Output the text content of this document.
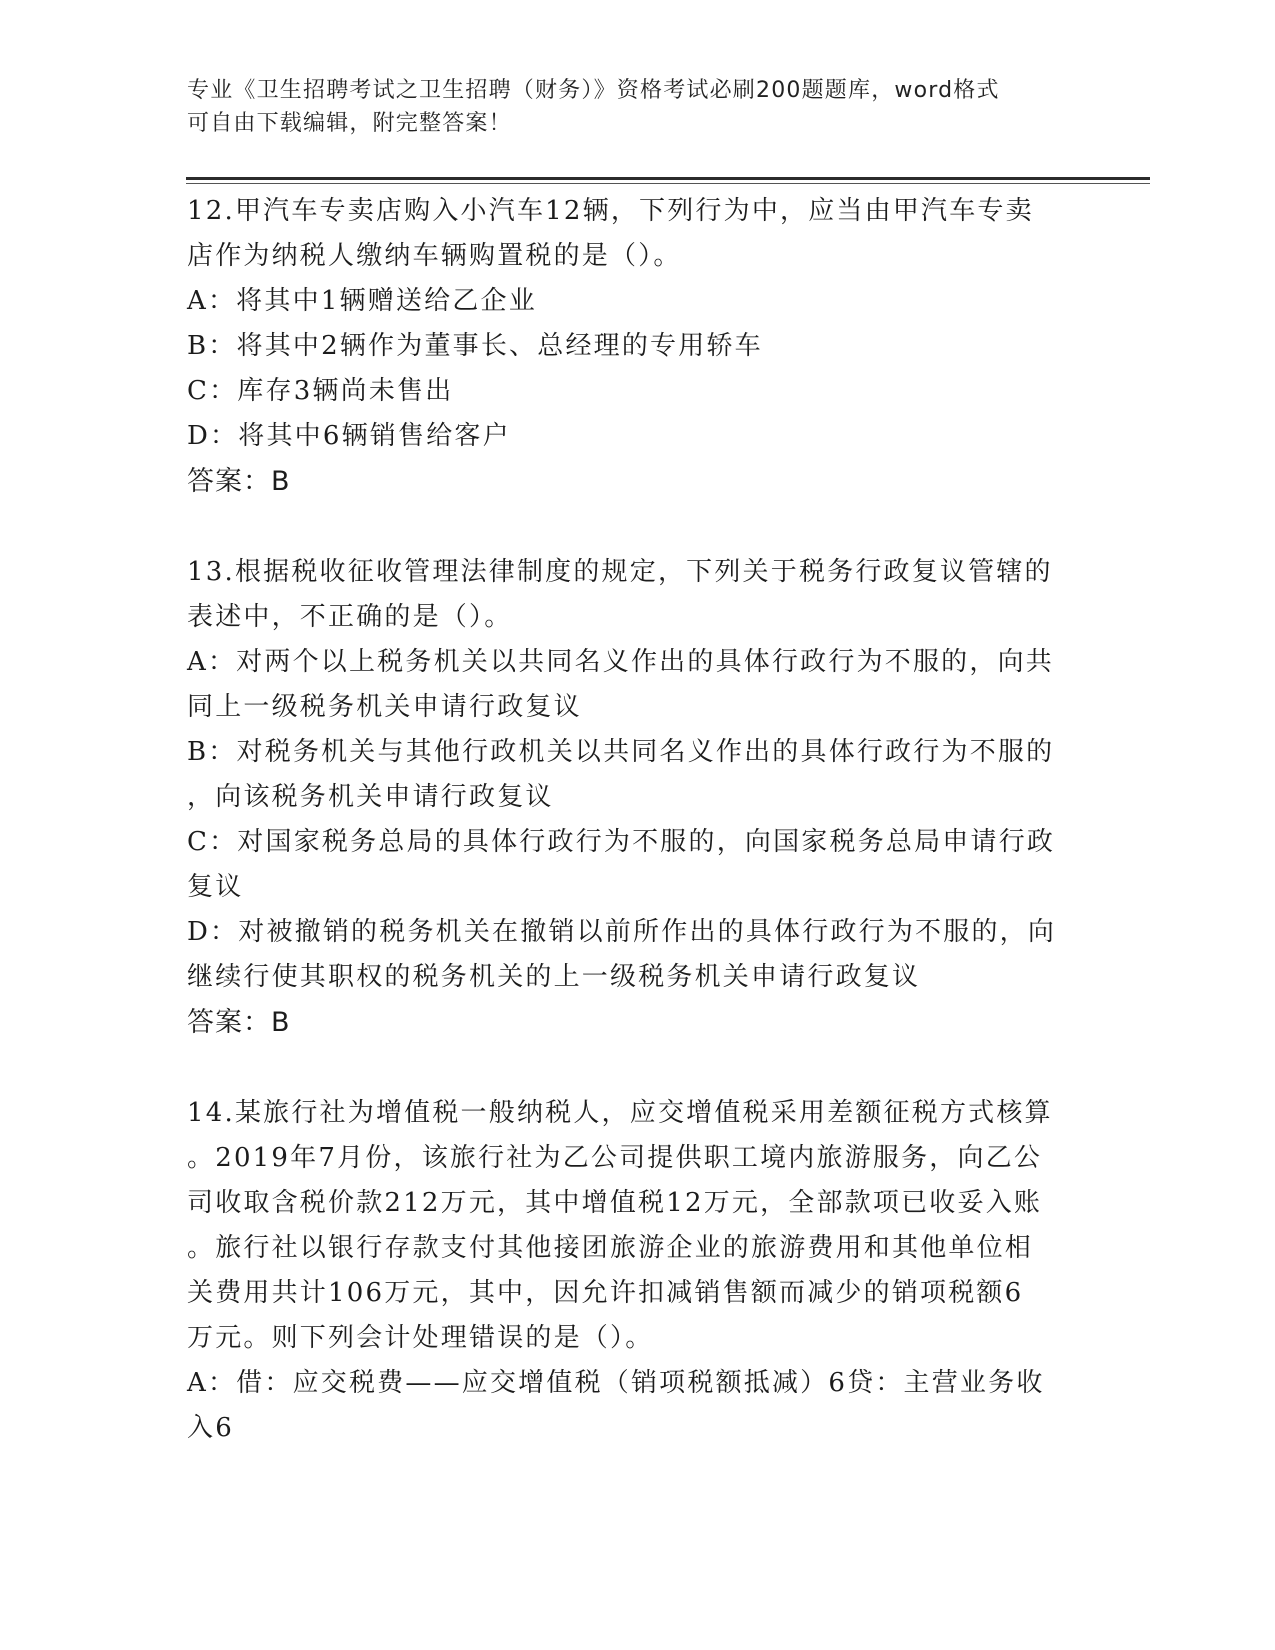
专业《卫生招聘考试之卫生招聘（财务）》资格考试必刷200题题库，word格式
可自由下载编辑，附完整答案！
12.甲汽车专卖店购入小汽车12辆，下列行为中，应当由甲汽车专卖
店作为纳税人缴纳车辆购置税的是（）。
A：将其中1辆赠送给乙企业
B：将其中2辆作为董事长、总经理的专用轿车
C：库存3辆尚未售出
D：将其中6辆销售给客户
答案：B
13.根据税收征收管理法律制度的规定，下列关于税务行政复议管辖的
表述中，不正确的是（）。
A：对两个以上税务机关以共同名义作出的具体行政行为不服的，向共
同上一级税务机关申请行政复议
B：对税务机关与其他行政机关以共同名义作出的具体行政行为不服的
，向该税务机关申请行政复议
C：对国家税务总局的具体行政行为不服的，向国家税务总局申请行政
复议
D：对被撤销的税务机关在撤销以前所作出的具体行政行为不服的，向
继续行使其职权的税务机关的上一级税务机关申请行政复议
答案：B
14.某旅行社为增值税一般纳税人，应交增值税采用差额征税方式核算
。2019年7月份，该旅行社为乙公司提供职工境内旅游服务，向乙公
司收取含税价款212万元，其中增值税12万元，全部款项已收妥入账
。旅行社以银行存款支付其他接团旅游企业的旅游费用和其他单位相
关费用共计106万元，其中，因允许扣减销售额而减少的销项税额6
万元。则下列会计处理错误的是（）。
A：借：应交税费——应交增值税（销项税额抵减）6贷：主营业务收
入6
